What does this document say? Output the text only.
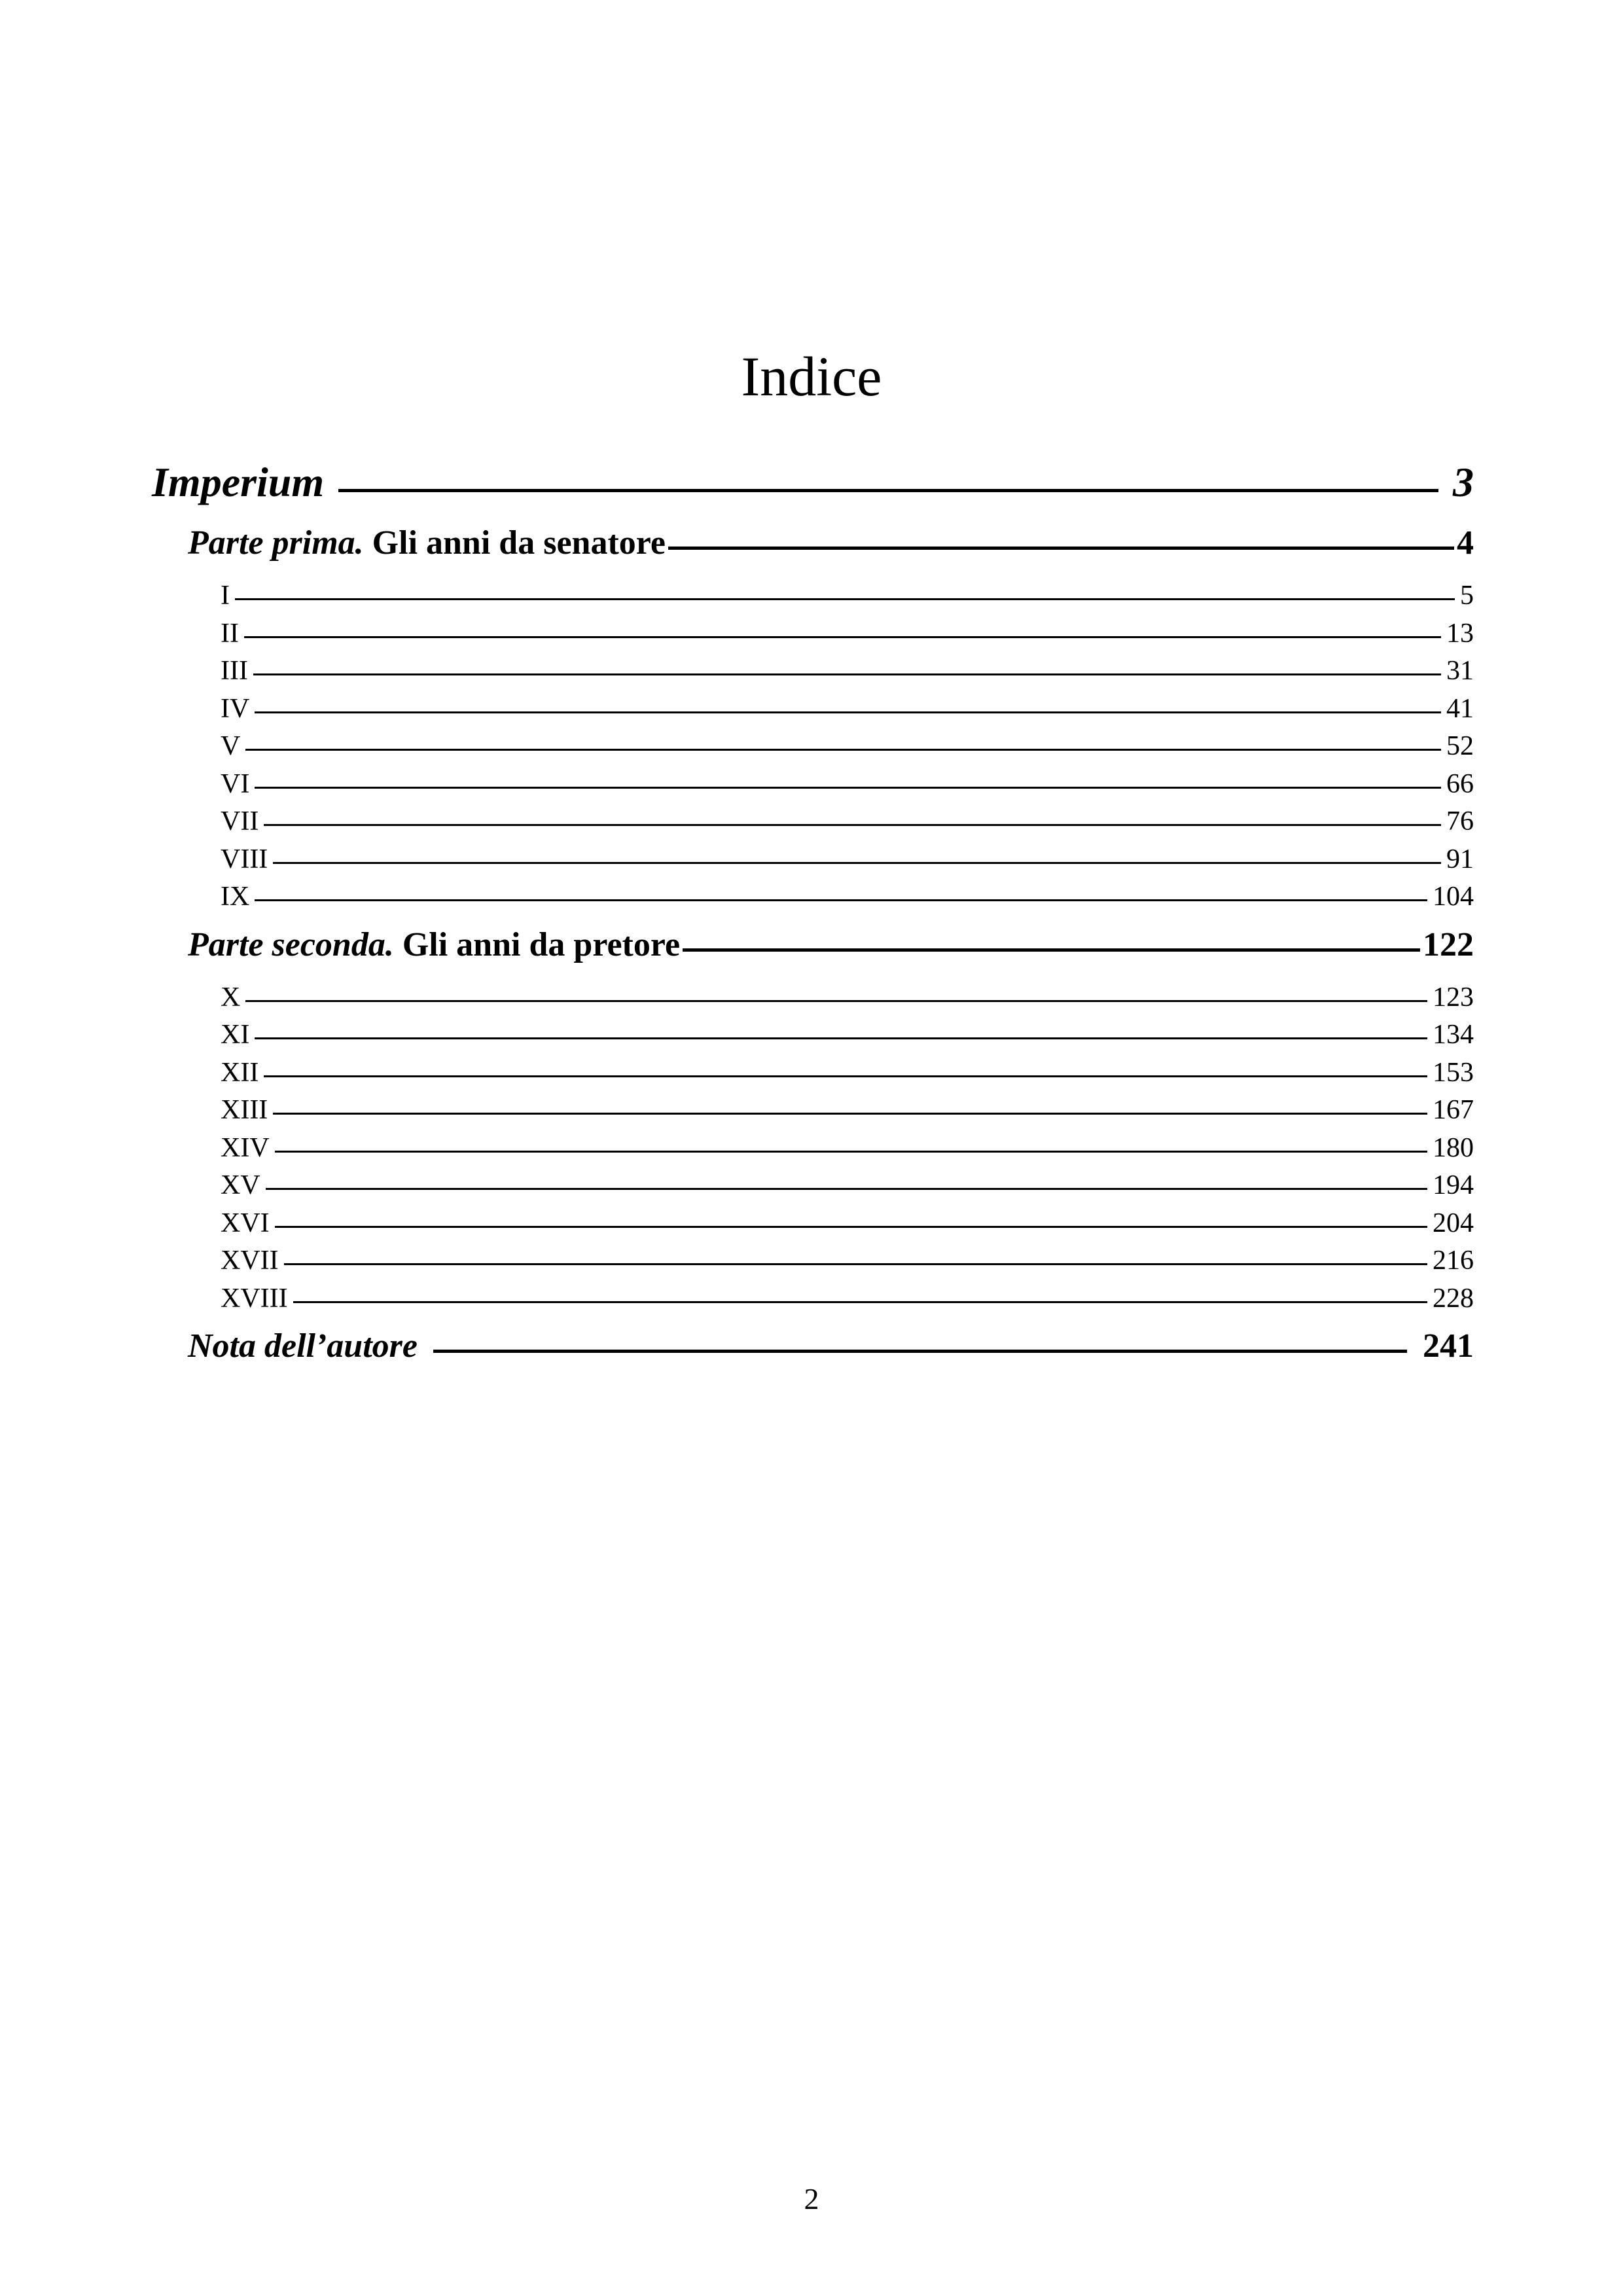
Indice
Imperium	3
Parte prima. Gli anni da senatore	4
I	5
II	13
III	31
IV	41
V	52
VI	66
VII	76
VIII	91
IX	104
Parte seconda. Gli anni da pretore	122
X	123
XI	134
XII	153
XIII	167
XIV	180
XV	194
XVI	204
XVII	216
XVIII	228
Nota dell’autore	241
2
